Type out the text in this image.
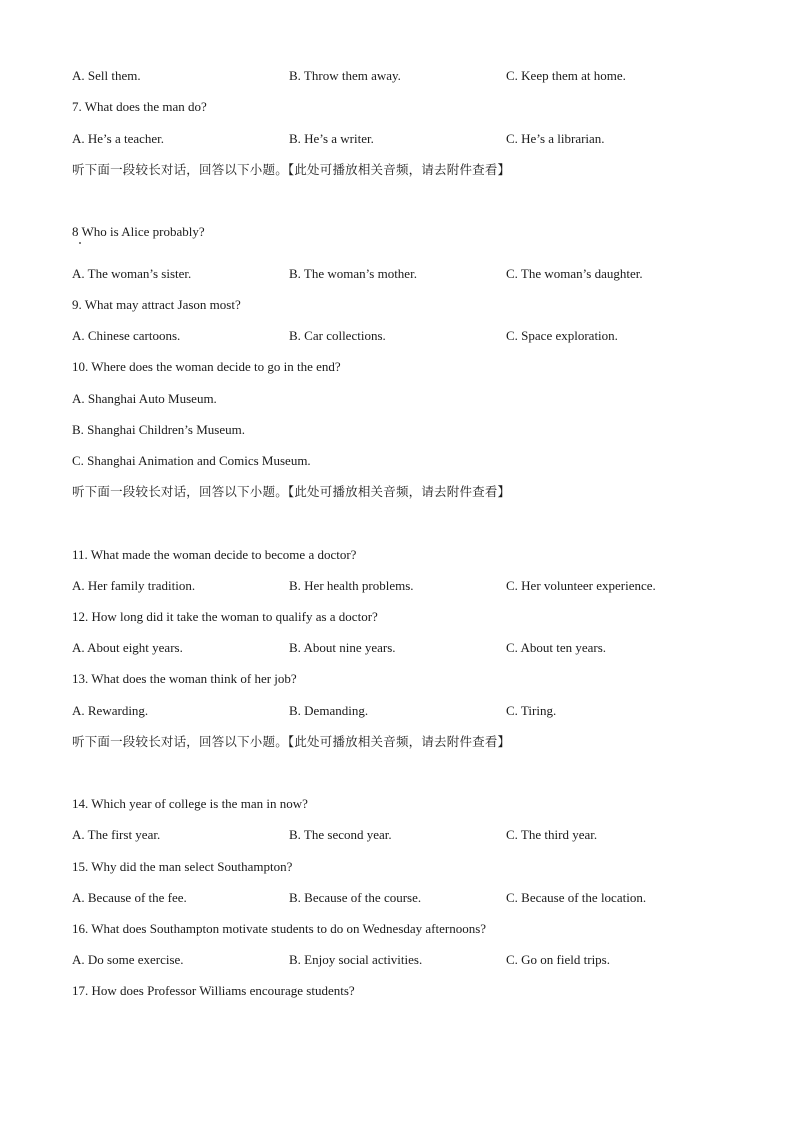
A. Sell them.	B. Throw them away.	C. Keep them at home.
7. What does the man do?
A. He’s a teacher.	B. He’s a writer.	C. He’s a librarian.
听下面一段较长对话，回答以下小题。【此处可播放相关音频，请去附件查看】
8 Who is Alice probably?
A. The woman’s sister.	B. The woman’s mother.	C. The woman’s daughter.
9. What may attract Jason most?
A. Chinese cartoons.	B. Car collections.	C. Space exploration.
10. Where does the woman decide to go in the end?
A. Shanghai Auto Museum.
B. Shanghai Children’s Museum.
C. Shanghai Animation and Comics Museum.
听下面一段较长对话，回答以下小题。【此处可播放相关音频，请去附件查看】
11. What made the woman decide to become a doctor?
A. Her family tradition.	B. Her health problems.	C. Her volunteer experience.
12. How long did it take the woman to qualify as a doctor?
A. About eight years.	B. About nine years.	C. About ten years.
13. What does the woman think of her job?
A. Rewarding.	B. Demanding.	C. Tiring.
听下面一段较长对话，回答以下小题。【此处可播放相关音频，请去附件查看】
14. Which year of college is the man in now?
A. The first year.	B. The second year.	C. The third year.
15. Why did the man select Southampton?
A. Because of the fee.	B. Because of the course.	C. Because of the location.
16. What does Southampton motivate students to do on Wednesday afternoons?
A. Do some exercise.	B. Enjoy social activities.	C. Go on field trips.
17. How does Professor Williams encourage students?
